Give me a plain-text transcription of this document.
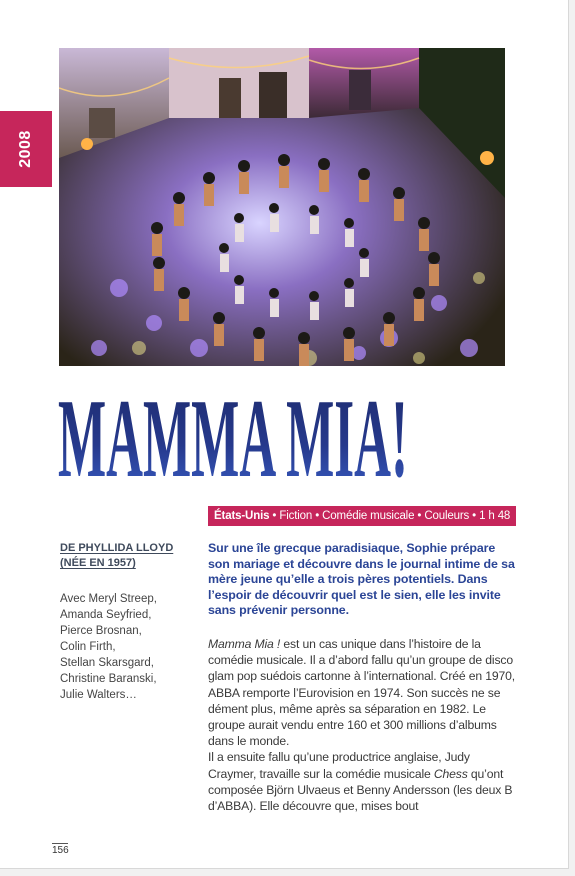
2008
MAMMA MIA!
États-Unis • Fiction • Comédie musicale • Couleurs • 1 h 48
DE PHYLLIDA LLOYD
(NÉE EN 1957)
Avec Meryl Streep,
Amanda Seyfried,
Pierce Brosnan,
Colin Firth,
Stellan Skarsgard,
Christine Baranski,
Julie Walters…
Sur une île grecque paradisiaque, Sophie prépare son mariage et découvre dans le journal intime de sa mère jeune qu’elle a trois pères potentiels. Dans l’espoir de découvrir quel est le sien, elle les invite sans prévenir personne.

Mamma Mia ! est un cas unique dans l’histoire de la comédie musicale. Il a d’abord fallu qu’un groupe de disco glam pop suédois cartonne à l’international. Créé en 1970, ABBA remporte l’Eurovision en 1974. Son succès ne se dément plus, même après sa séparation en 1982. Le groupe aurait vendu entre 160 et 300 millions d’albums dans le monde.

Il a ensuite fallu qu’une productrice anglaise, Judy Craymer, travaille sur la comédie musicale Chess qu’ont composée Björn Ulvaeus et Benny Andersson (les deux B d’ABBA). Elle découvre que, mises bout

156
